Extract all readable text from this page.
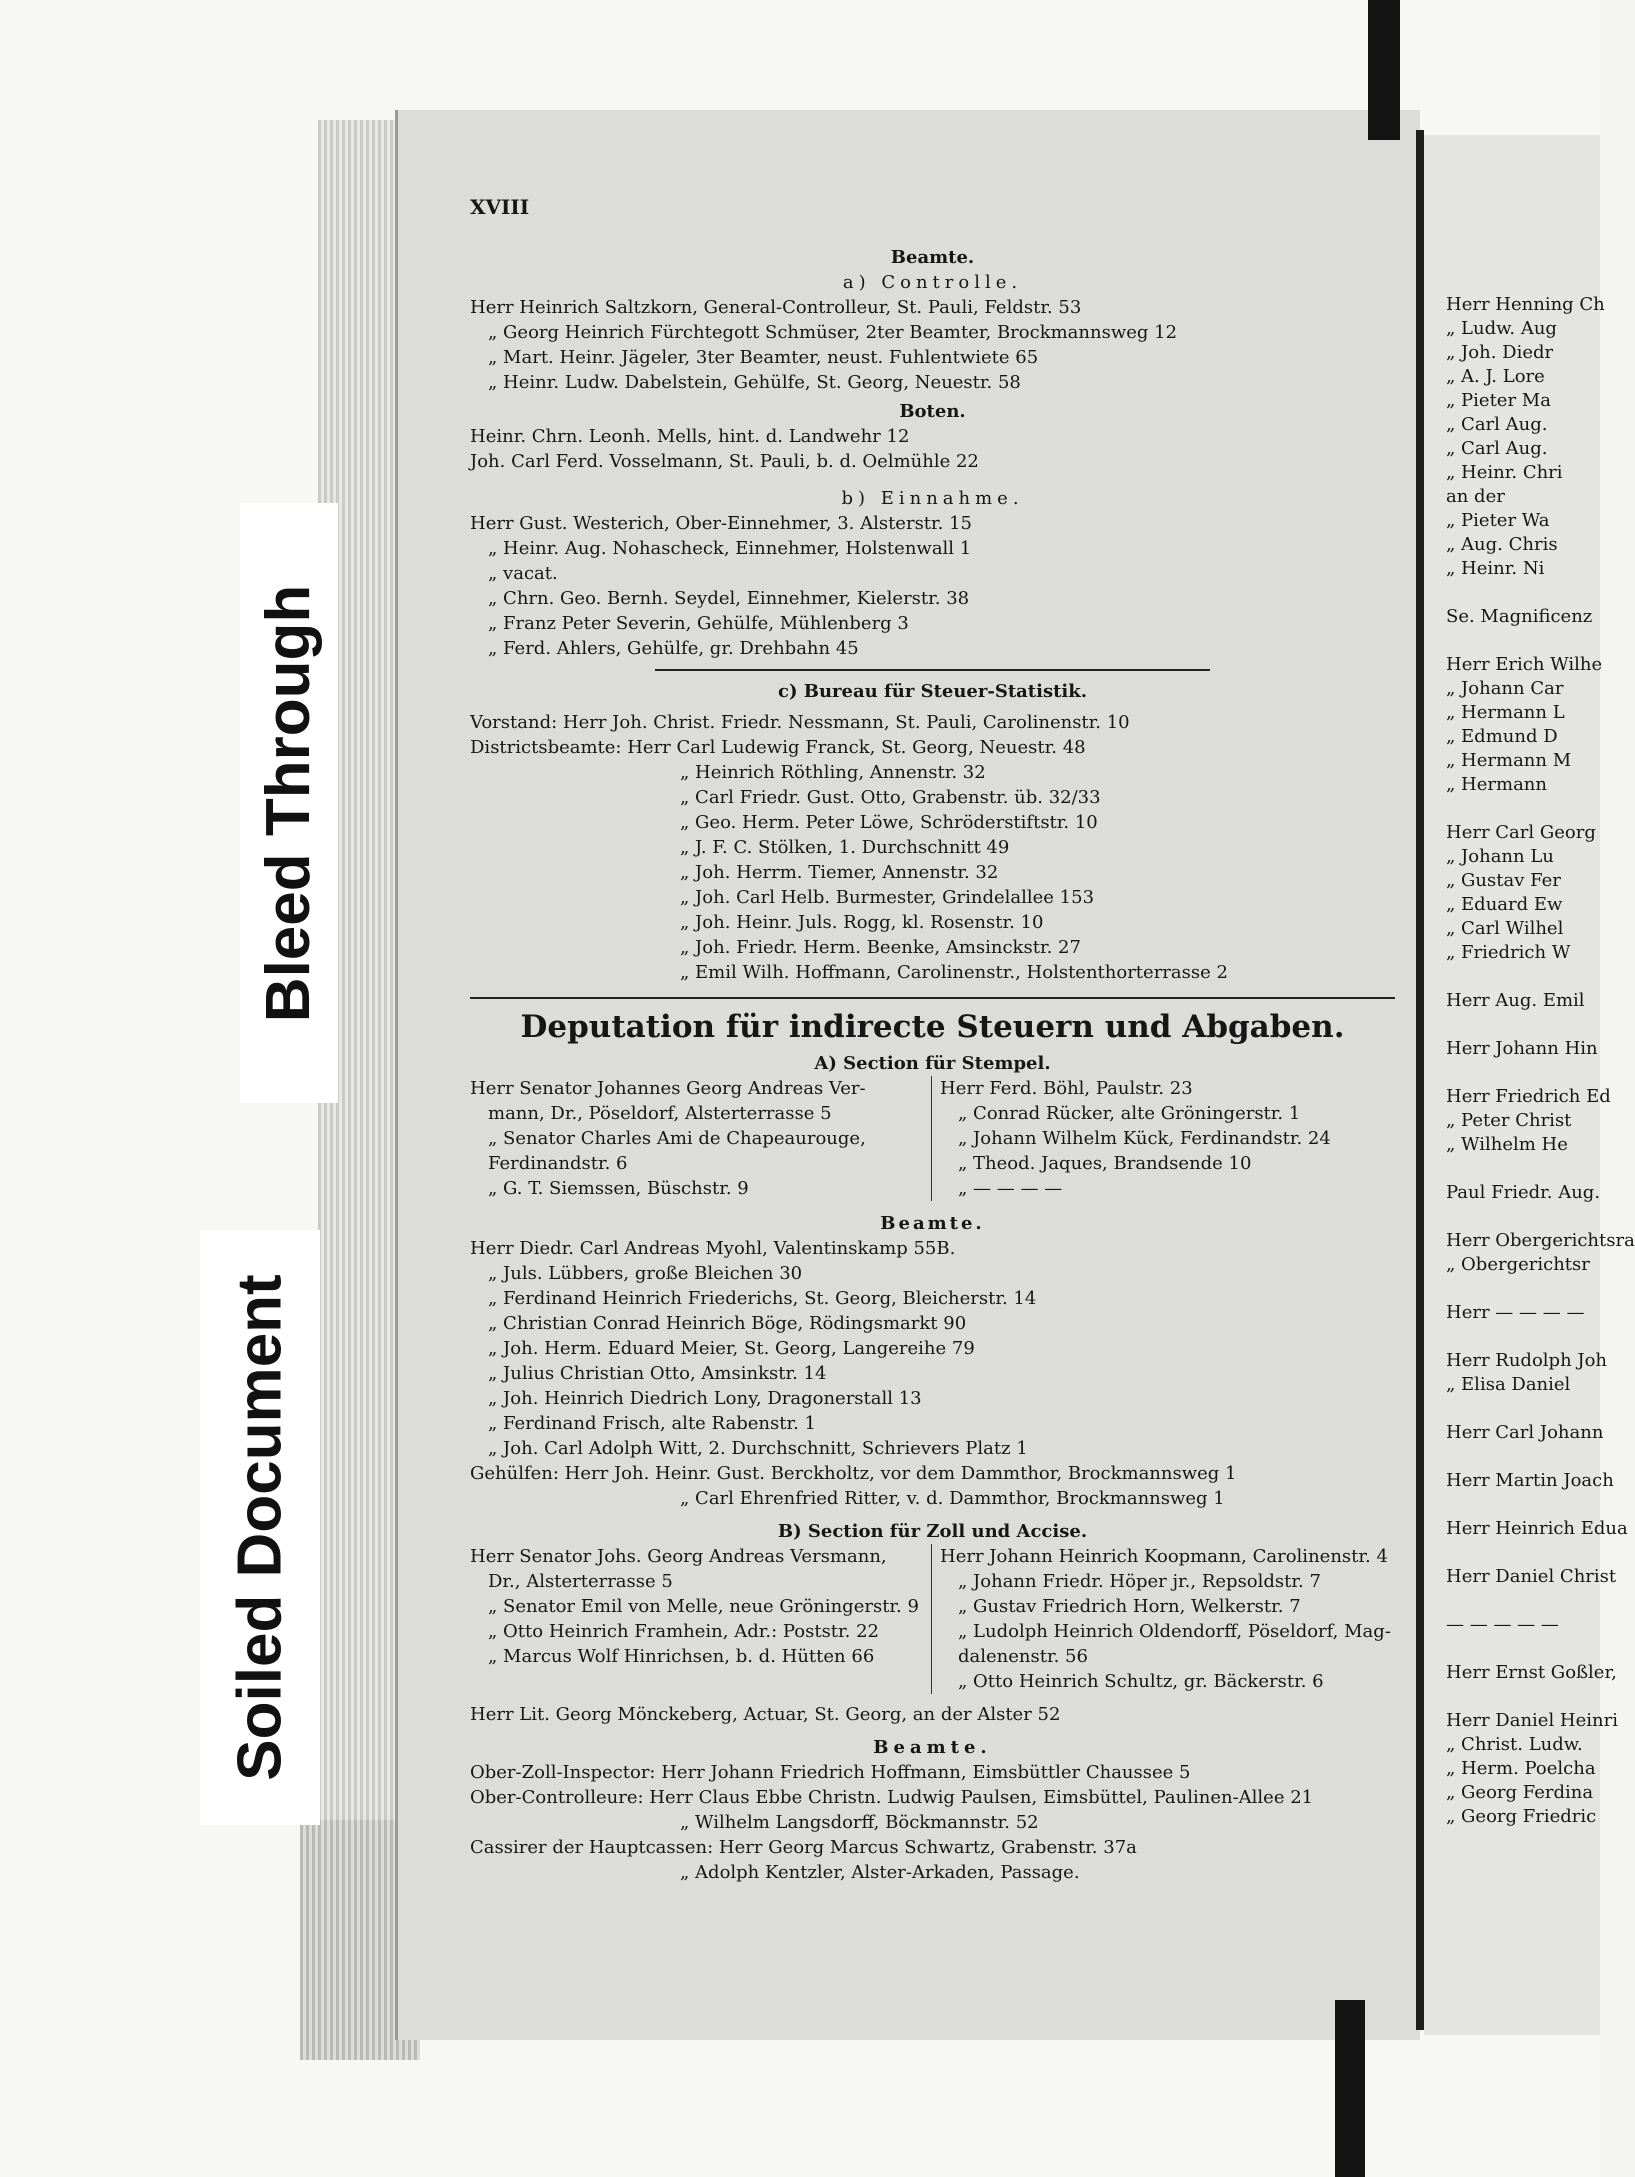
Herr Henning Ch
„ Ludw. Aug
„ Joh. Diedr
„ A. J. Lore
„ Pieter Ma
„ Carl Aug.
„ Carl Aug.
„ Heinr. Chri
an der
„ Pieter Wa
„ Aug. Chris
„ Heinr. Ni

Se. Magnificenz

Herr Erich Wilhe
„ Johann Car
„ Hermann L
„ Edmund D
„ Hermann M
„ Hermann

Herr Carl Georg
„ Johann Lu
„ Gustav Fer
„ Eduard Ew
„ Carl Wilhel
„ Friedrich W

Herr Aug. Emil

Herr Johann Hin

Herr Friedrich Ed
„ Peter Christ
„ Wilhelm He

Paul Friedr. Aug.

Herr Obergerichtsra
„ Obergerichtsr

Herr — — — —

Herr Rudolph Joh
„ Elisa Daniel

Herr Carl Johann

Herr Martin Joach

Herr Heinrich Edua

Herr Daniel Christ

— — — — —

Herr Ernst Goßler,

Herr Daniel Heinri
„ Christ. Ludw.
„ Herm. Poelcha
„ Georg Ferdina
„ Georg Friedric
Bleed Through
Soiled Document
XVIII
Beamte.
a) Controlle.
Herr Heinrich Saltzkorn, General-Controlleur, St. Pauli, Feldstr. 53
„ Georg Heinrich Fürchtegott Schmüser, 2ter Beamter, Brockmannsweg 12
„ Mart. Heinr. Jägeler, 3ter Beamter, neust. Fuhlentwiete 65
„ Heinr. Ludw. Dabelstein, Gehülfe, St. Georg, Neuestr. 58
Boten.
Heinr. Chrn. Leonh. Mells, hint. d. Landwehr 12
Joh. Carl Ferd. Vosselmann, St. Pauli, b. d. Oelmühle 22
b) Einnahme.
Herr Gust. Westerich, Ober-Einnehmer, 3. Alsterstr. 15
„ Heinr. Aug. Nohascheck, Einnehmer, Holstenwall 1
„ vacat.
„ Chrn. Geo. Bernh. Seydel, Einnehmer, Kielerstr. 38
„ Franz Peter Severin, Gehülfe, Mühlenberg 3
„ Ferd. Ahlers, Gehülfe, gr. Drehbahn 45
c) Bureau für Steuer-Statistik.
Vorstand: Herr Joh. Christ. Friedr. Nessmann, St. Pauli, Carolinenstr. 10
Districtsbeamte: Herr Carl Ludewig Franck, St. Georg, Neuestr. 48
„ Heinrich Röthling, Annenstr. 32
„ Carl Friedr. Gust. Otto, Grabenstr. üb. 32/33
„ Geo. Herm. Peter Löwe, Schröderstiftstr. 10
„ J. F. C. Stölken, 1. Durchschnitt 49
„ Joh. Herrm. Tiemer, Annenstr. 32
„ Joh. Carl Helb. Burmester, Grindelallee 153
„ Joh. Heinr. Juls. Rogg, kl. Rosenstr. 10
„ Joh. Friedr. Herm. Beenke, Amsinckstr. 27
„ Emil Wilh. Hoffmann, Carolinenstr., Holstenthorterrasse 2
Deputation für indirecte Steuern und Abgaben.
A) Section für Stempel.
Herr Senator Johannes Georg Andreas Ver-
mann, Dr., Pöseldorf, Alsterterrasse 5
„ Senator Charles Ami de Chapeaurouge,
Ferdinandstr. 6
„ G. T. Siemssen, Büschstr. 9
Herr Ferd. Böhl, Paulstr. 23
„ Conrad Rücker, alte Gröningerstr. 1
„ Johann Wilhelm Kück, Ferdinandstr. 24
„ Theod. Jaques, Brandsende 10
„ — — — —
Beamte.
Herr Diedr. Carl Andreas Myohl, Valentinskamp 55B.
„ Juls. Lübbers, große Bleichen 30
„ Ferdinand Heinrich Friederichs, St. Georg, Bleicherstr. 14
„ Christian Conrad Heinrich Böge, Rödingsmarkt 90
„ Joh. Herm. Eduard Meier, St. Georg, Langereihe 79
„ Julius Christian Otto, Amsinkstr. 14
„ Joh. Heinrich Diedrich Lony, Dragonerstall 13
„ Ferdinand Frisch, alte Rabenstr. 1
„ Joh. Carl Adolph Witt, 2. Durchschnitt, Schrievers Platz 1
Gehülfen: Herr Joh. Heinr. Gust. Berckholtz, vor dem Dammthor, Brockmannsweg 1
„ Carl Ehrenfried Ritter, v. d. Dammthor, Brockmannsweg 1
B) Section für Zoll und Accise.
Herr Senator Johs. Georg Andreas Versmann,
Dr., Alsterterrasse 5
„ Senator Emil von Melle, neue Gröningerstr. 9
„ Otto Heinrich Framhein, Adr.: Poststr. 22
„ Marcus Wolf Hinrichsen, b. d. Hütten 66
Herr Johann Heinrich Koopmann, Carolinenstr. 4
„ Johann Friedr. Höper jr., Repsoldstr. 7
„ Gustav Friedrich Horn, Welkerstr. 7
„ Ludolph Heinrich Oldendorff, Pöseldorf, Mag-
dalenenstr. 56
„ Otto Heinrich Schultz, gr. Bäckerstr. 6
Herr Lit. Georg Mönckeberg, Actuar, St. Georg, an der Alster 52
Beamte.
Ober-Zoll-Inspector: Herr Johann Friedrich Hoffmann, Eimsbüttler Chaussee 5
Ober-Controlleure: Herr Claus Ebbe Christn. Ludwig Paulsen, Eimsbüttel, Paulinen-Allee 21
„ Wilhelm Langsdorff, Böckmannstr. 52
Cassirer der Hauptcassen: Herr Georg Marcus Schwartz, Grabenstr. 37a
„ Adolph Kentzler, Alster-Arkaden, Passage.
